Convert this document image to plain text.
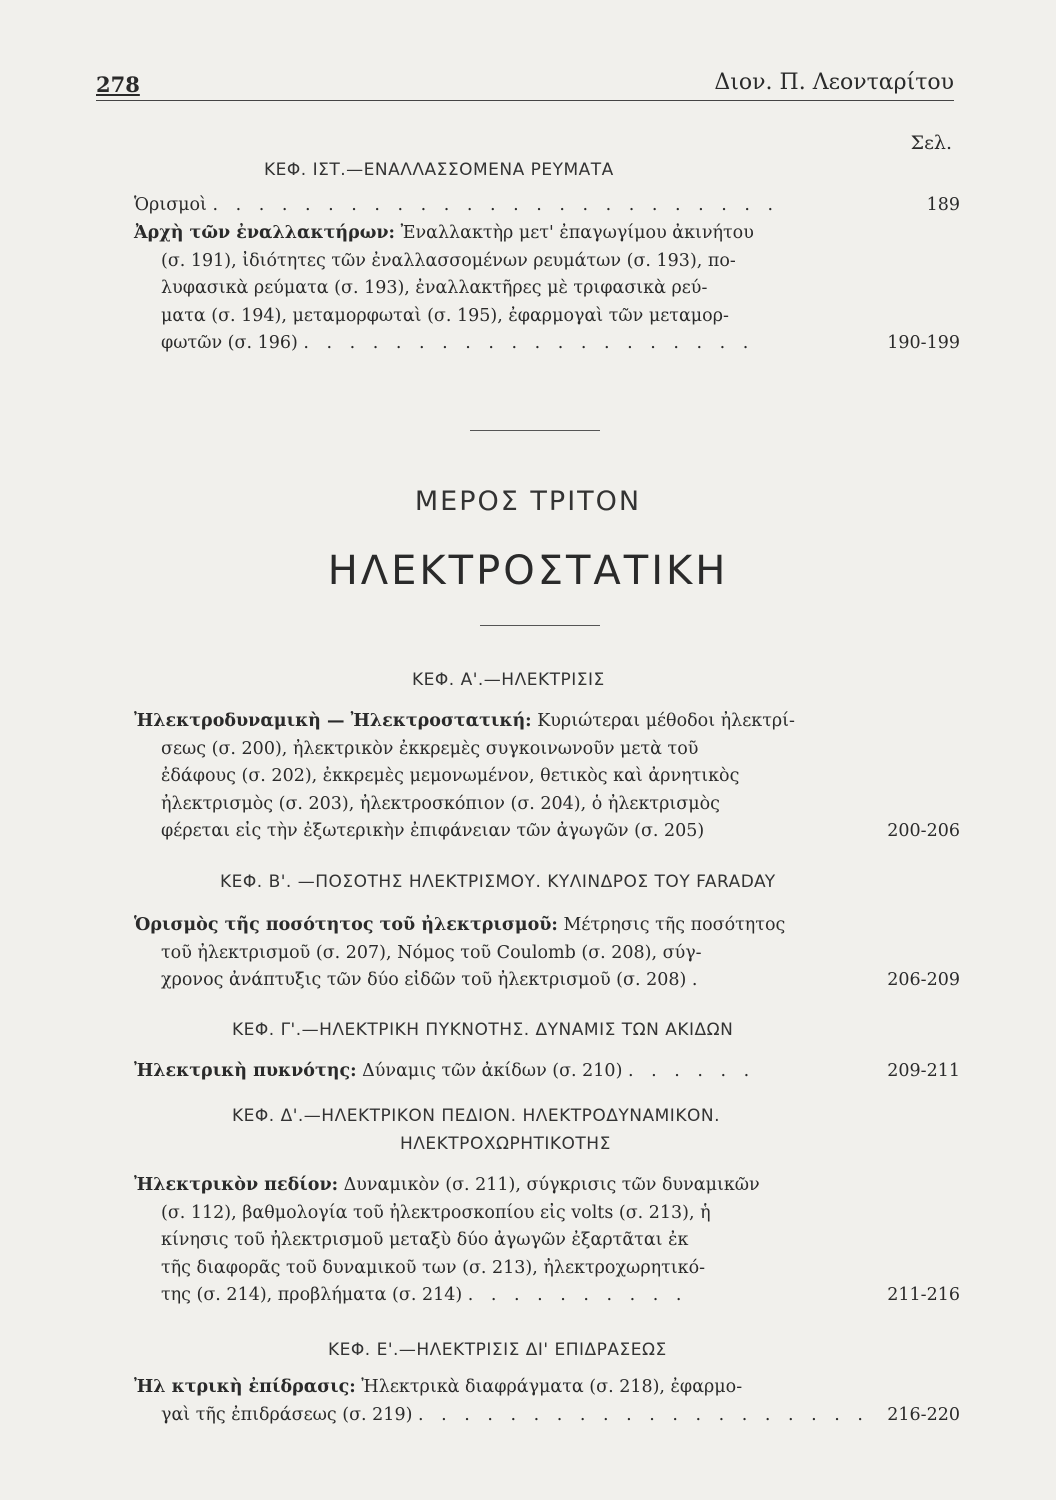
278	Διον. Π. Λεονταρίτου
Σελ.
ΚΕΦ. ΙΣΤ.—ΕΝΑΛΛΑΣΣΟΜΕΝΑ ΡΕΥΜΑΤΑ
Ὁρισμοὶ . . . . . . . . . . . . . . . . . . . . . . . . .	189
Ἀρχὴ τῶν ἐναλλακτήρων: Ἐναλλακτὴρ μετ' ἐπαγωγίμου ἀκινήτου
(σ. 191), ἰδιότητες τῶν ἐναλλασσομένων ρευμάτων (σ. 193), πο-
λυφασικὰ ρεύματα (σ. 193), ἐναλλακτῆρες μὲ τριφασικὰ ρεύ-
ματα (σ. 194), μεταμορφωταὶ (σ. 195), ἐφαρμογαὶ τῶν μεταμορ-
φωτῶν (σ. 196) . . . . . . . . . . . . . . . . . . . .	190-199
ΜΕΡΟΣ ΤΡΙΤΟΝ
ΗΛΕΚΤΡΟΣΤΑΤΙΚΗ
ΚΕΦ. Α'.—ΗΛΕΚΤΡΙΣΙΣ
Ἠλεκτροδυναμικὴ — Ἠλεκτροστατική: Κυριώτεραι μέθοδοι ἠλεκτρί-
σεως (σ. 200), ἠλεκτρικὸν ἐκκρεμὲς συγκοινωνοῦν μετὰ τοῦ
ἐδάφους (σ. 202), ἐκκρεμὲς μεμονωμένον, θετικὸς καὶ ἀρνητικὸς
ἠλεκτρισμὸς (σ. 203), ἠλεκτροσκόπιον (σ. 204), ὁ ἠλεκτρισμὸς
φέρεται εἰς τὴν ἐξωτερικὴν ἐπιφάνειαν τῶν ἀγωγῶν (σ. 205)	200-206
ΚΕΦ. Β'. —ΠΟΣΟΤΗΣ ΗΛΕΚΤΡΙΣΜΟΥ. ΚΥΛΙΝΔΡΟΣ ΤΟΥ FARADAY
Ὁρισμὸς τῆς ποσότητος τοῦ ἠλεκτρισμοῦ: Μέτρησις τῆς ποσότητος
τοῦ ἠλεκτρισμοῦ (σ. 207), Νόμος τοῦ Coulomb (σ. 208), σύγ-
χρονος ἀνάπτυξις τῶν δύο εἰδῶν τοῦ ἠλεκτρισμοῦ (σ. 208) .	206-209
ΚΕΦ. Γ'.—ΗΛΕΚΤΡΙΚΗ ΠΥΚΝΟΤΗΣ. ΔΥΝΑΜΙΣ ΤΩΝ ΑΚΙΔΩΝ
Ἠλεκτρικὴ πυκνότης: Δύναμις τῶν ἀκίδων (σ. 210) . . . . . .	209-211
ΚΕΦ. Δ'.—ΗΛΕΚΤΡΙΚΟΝ ΠΕΔΙΟΝ. ΗΛΕΚΤΡΟΔΥΝΑΜΙΚΟΝ.
ΗΛΕΚΤΡΟΧΩΡΗΤΙΚΟΤΗΣ
Ἠλεκτρικὸν πεδίον: Δυναμικὸν (σ. 211), σύγκρισις τῶν δυναμικῶν
(σ. 112), βαθμολογία τοῦ ἠλεκτροσκοπίου εἰς volts (σ. 213), ἡ
κίνησις τοῦ ἠλεκτρισμοῦ μεταξὺ δύο ἀγωγῶν ἐξαρτᾶται ἐκ
τῆς διαφορᾶς τοῦ δυναμικοῦ των (σ. 213), ἠλεκτροχωρητικό-
της (σ. 214), προβλήματα (σ. 214) . . . . . . . . . .	211-216
ΚΕΦ. Ε'.—ΗΛΕΚΤΡΙΣΙΣ ΔΙ' ΕΠΙΔΡΑΣΕΩΣ
Ἠλ κτρικὴ ἐπίδρασις: Ἠλεκτρικὰ διαφράγματα (σ. 218), ἐφαρμο-
γαὶ τῆς ἐπιδράσεως (σ. 219) . . . . . . . . . . . . . . . . . . . . 216-220
